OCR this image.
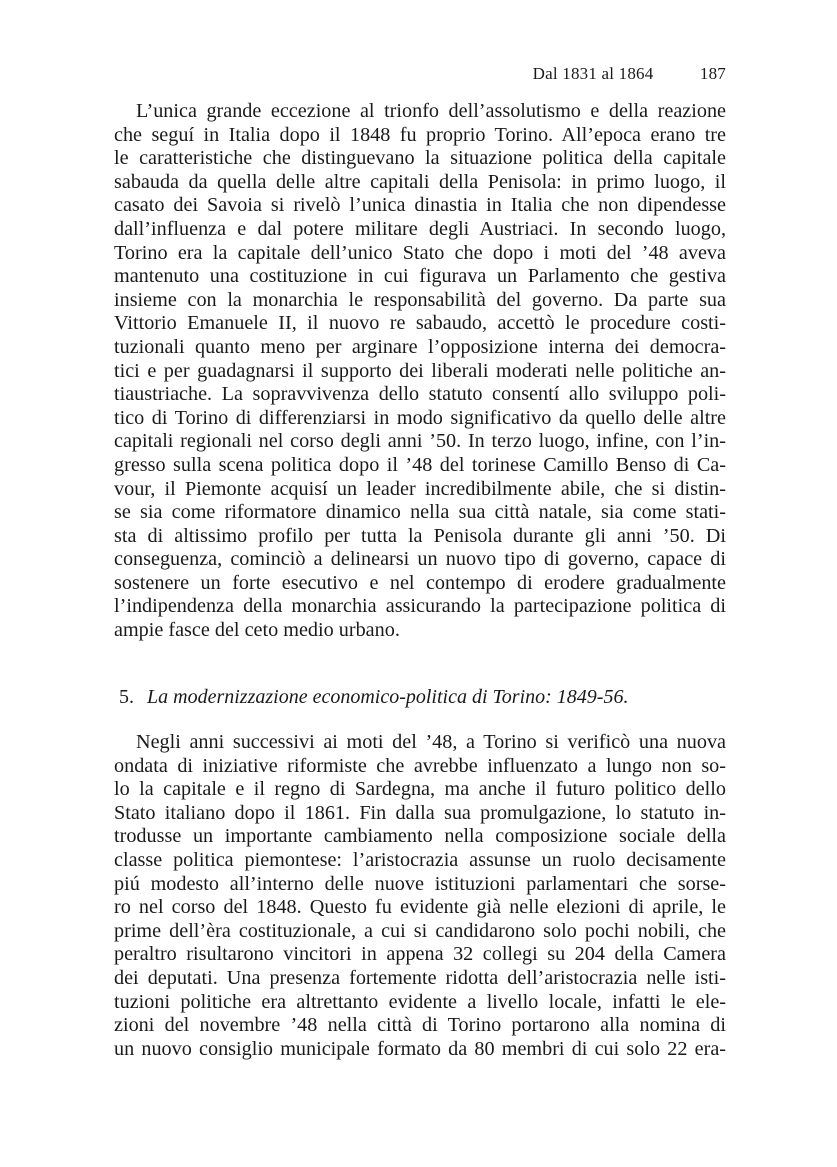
Dal 1831 al 1864	187

L’unica grande eccezione al trionfo dell’assolutismo e della reazione
che seguí in Italia dopo il 1848 fu proprio Torino. All’epoca erano tre
le caratteristiche che distinguevano la situazione politica della capitale
sabauda da quella delle altre capitali della Penisola: in primo luogo, il
casato dei Savoia si rivelò l’unica dinastia in Italia che non dipendesse
dall’influenza e dal potere militare degli Austriaci. In secondo luogo,
Torino era la capitale dell’unico Stato che dopo i moti del ’48 aveva
mantenuto una costituzione in cui figurava un Parlamento che gestiva
insieme con la monarchia le responsabilità del governo. Da parte sua
Vittorio Emanuele II, il nuovo re sabaudo, accettò le procedure costi-
tuzionali quanto meno per arginare l’opposizione interna dei democra-
tici e per guadagnarsi il supporto dei liberali moderati nelle politiche an-
tiaustriache. La sopravvivenza dello statuto consentí allo sviluppo poli-
tico di Torino di differenziarsi in modo significativo da quello delle altre
capitali regionali nel corso degli anni ’50. In terzo luogo, infine, con l’in-
gresso sulla scena politica dopo il ’48 del torinese Camillo Benso di Ca-
vour, il Piemonte acquisí un leader incredibilmente abile, che si distin-
se sia come riformatore dinamico nella sua città natale, sia come stati-
sta di altissimo profilo per tutta la Penisola durante gli anni ’50. Di
conseguenza, cominciò a delinearsi un nuovo tipo di governo, capace di
sostenere un forte esecutivo e nel contempo di erodere gradualmente
l’indipendenza della monarchia assicurando la partecipazione politica di
ampie fasce del ceto medio urbano.

5. La modernizzazione economico-politica di Torino: 1849-56.

Negli anni successivi ai moti del ’48, a Torino si verificò una nuova
ondata di iniziative riformiste che avrebbe influenzato a lungo non so-
lo la capitale e il regno di Sardegna, ma anche il futuro politico dello
Stato italiano dopo il 1861. Fin dalla sua promulgazione, lo statuto in-
trodusse un importante cambiamento nella composizione sociale della
classe politica piemontese: l’aristocrazia assunse un ruolo decisamente
piú modesto all’interno delle nuove istituzioni parlamentari che sorse-
ro nel corso del 1848. Questo fu evidente già nelle elezioni di aprile, le
prime dell’èra costituzionale, a cui si candidarono solo pochi nobili, che
peraltro risultarono vincitori in appena 32 collegi su 204 della Camera
dei deputati. Una presenza fortemente ridotta dell’aristocrazia nelle isti-
tuzioni politiche era altrettanto evidente a livello locale, infatti le ele-
zioni del novembre ’48 nella città di Torino portarono alla nomina di
un nuovo consiglio municipale formato da 80 membri di cui solo 22 era-
